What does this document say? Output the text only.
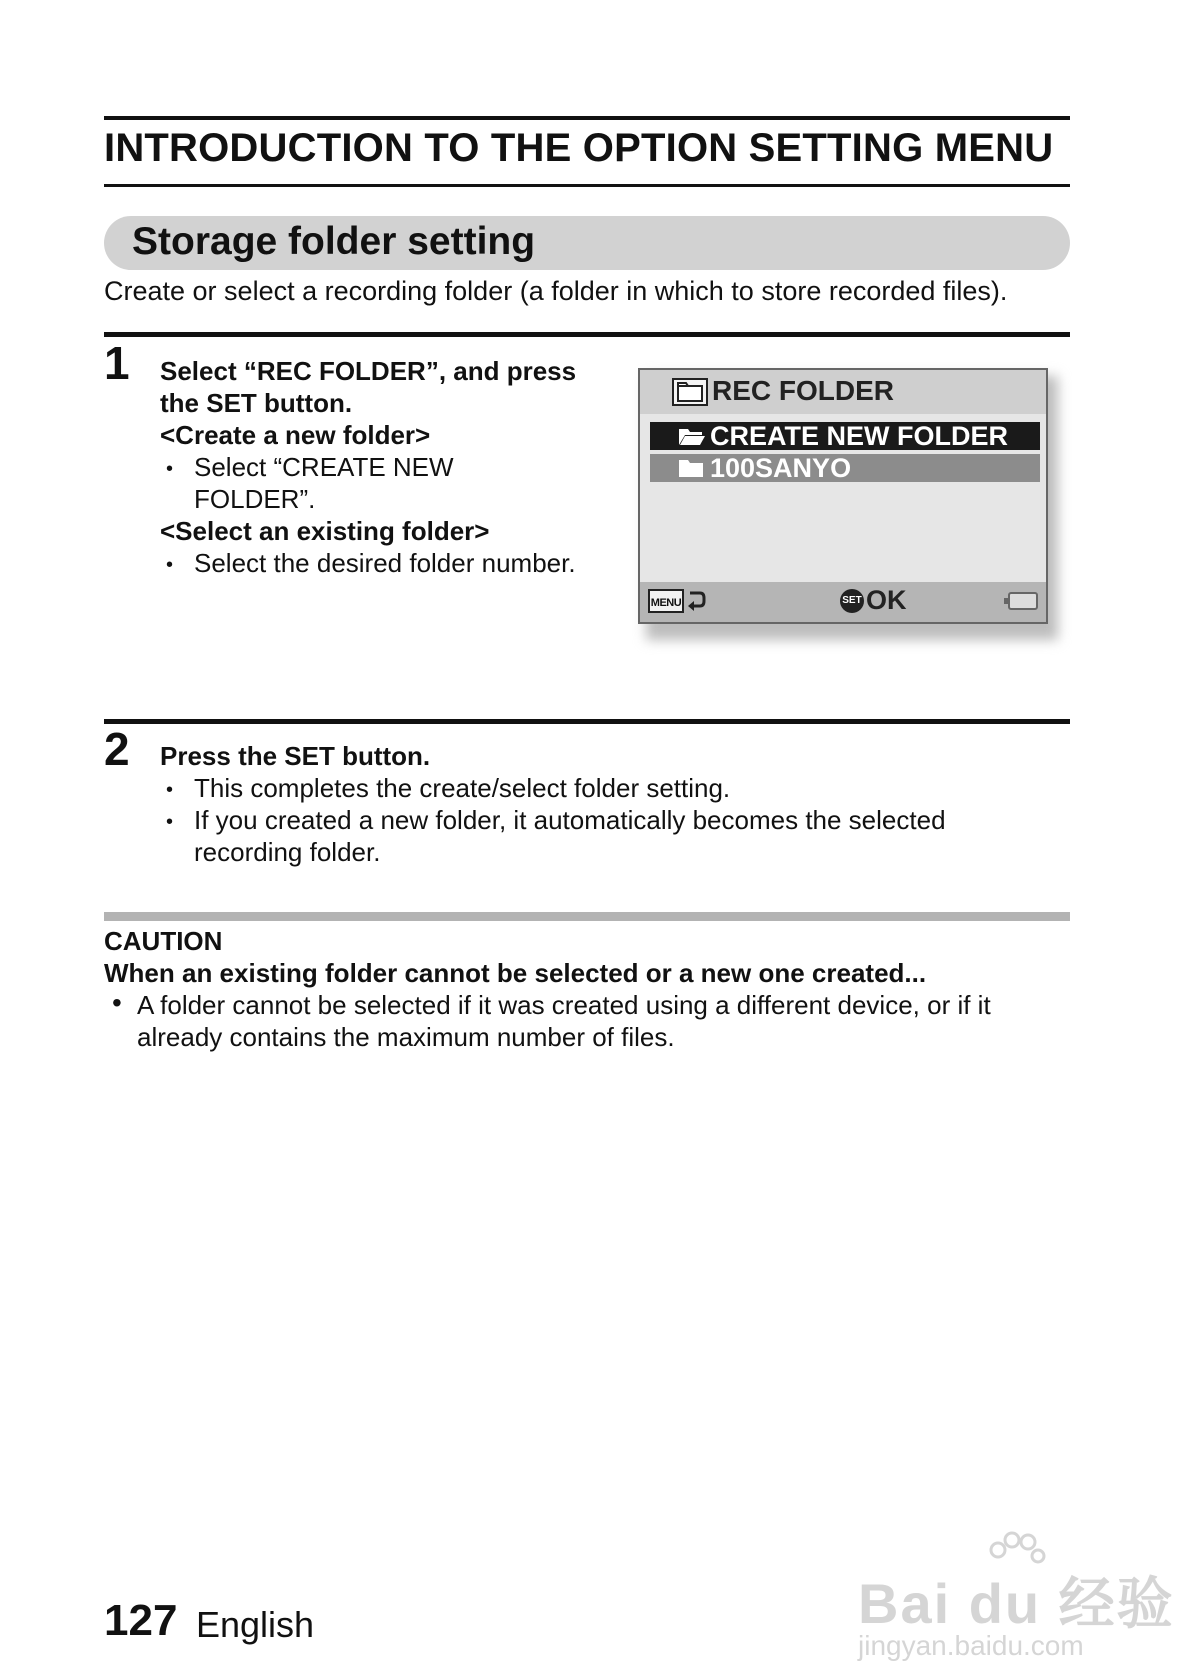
INTRODUCTION TO THE OPTION SETTING MENU
Storage folder setting
Create or select a recording folder (a folder in which to store recorded files).
1 Select “REC FOLDER”, and press
the SET button.
<Create a new folder>
• Select “CREATE NEW
FOLDER”.
<Select an existing folder>
• Select the desired folder number.
REC FOLDER
CREATE NEW FOLDER
100SANYO
MENU	SET OK
2 Press the SET button.
• This completes the create/select folder setting.
• If you created a new folder, it automatically becomes the selected
recording folder.
CAUTION
When an existing folder cannot be selected or a new one created...
• A folder cannot be selected if it was created using a different device, or if it
already contains the maximum number of files.
127 English	Bai du 经验
jingyan.baidu.com
